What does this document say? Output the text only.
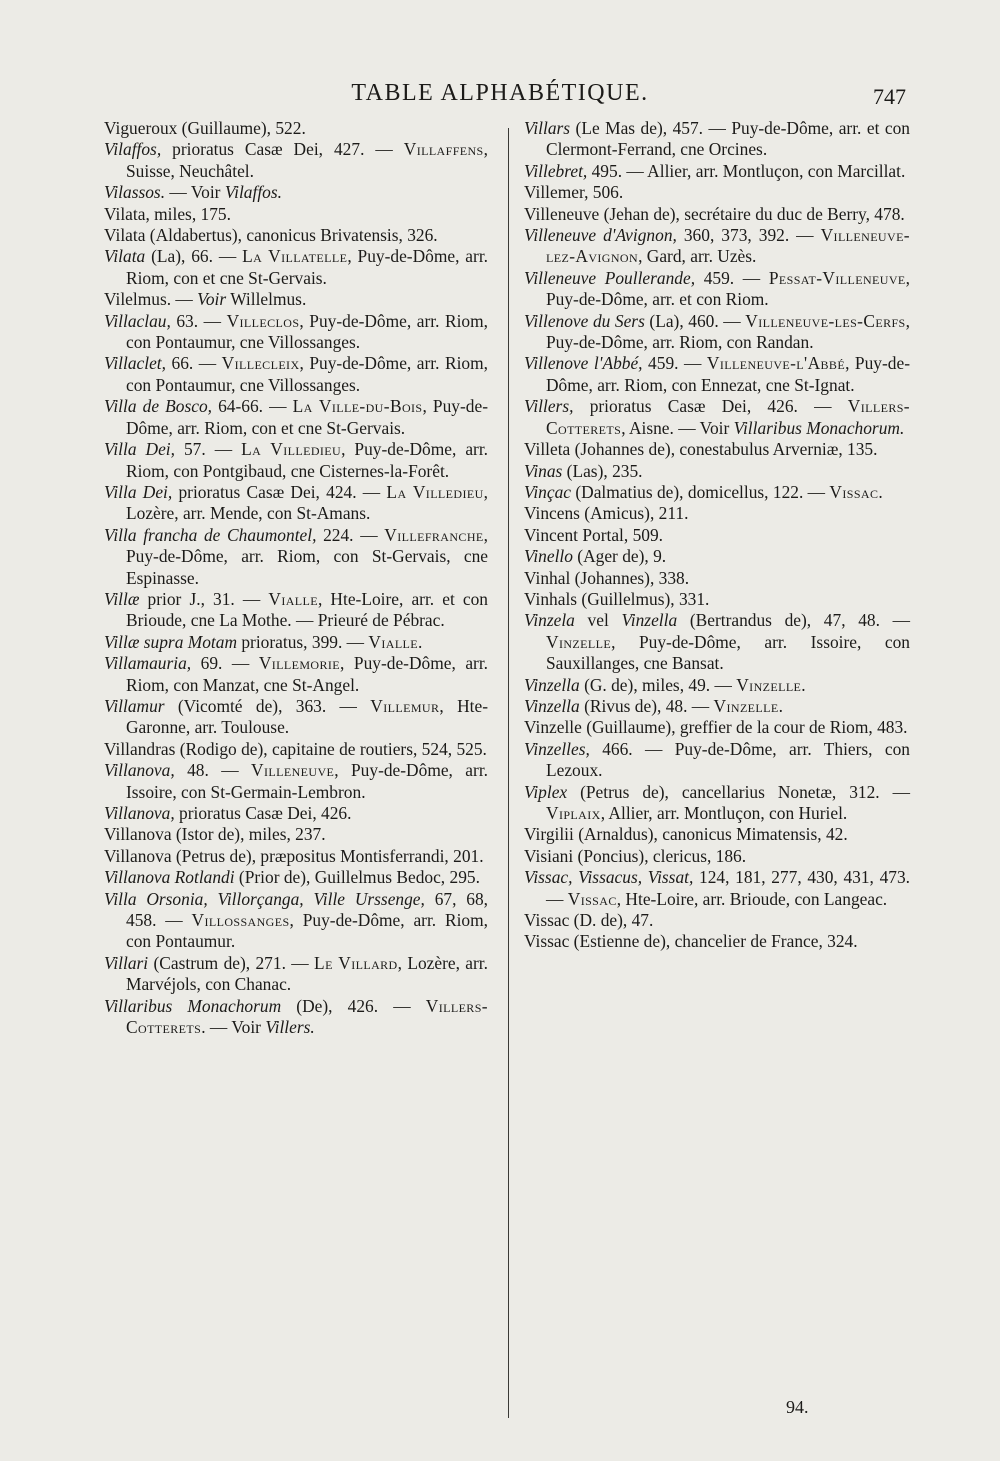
TABLE ALPHABÉTIQUE.	747

Vigueroux (Guillaume), 522.

Vilaffos, prioratus Casæ Dei, 427. — Villaffens, Suisse, Neuchâtel.

Vilassos. — Voir Vilaffos.

Vilata, miles, 175.

Vilata (Aldabertus), canonicus Brivatensis, 326.

Vilata (La), 66. — La Villatelle, Puy-de-Dôme, arr. Riom, con et cne St-Gervais.

Vilelmus. — Voir Willelmus.

Villaclau, 63. — Villeclos, Puy-de-Dôme, arr. Riom, con Pontaumur, cne Villossanges.

Villaclet, 66. — Villecleix, Puy-de-Dôme, arr. Riom, con Pontaumur, cne Villossanges.

Villa de Bosco, 64-66. — La Ville-du-Bois, Puy-de-Dôme, arr. Riom, con et cne St-Gervais.

Villa Dei, 57. — La Villedieu, Puy-de-Dôme, arr. Riom, con Pontgibaud, cne Cisternes-la-Forêt.

Villa Dei, prioratus Casæ Dei, 424. — La Villedieu, Lozère, arr. Mende, con St-Amans.

Villa francha de Chaumontel, 224. — Villefranche, Puy-de-Dôme, arr. Riom, con St-Gervais, cne Espinasse.

Villæ prior J., 31. — Vialle, Hte-Loire, arr. et con Brioude, cne La Mothe. — Prieuré de Pébrac.

Villæ supra Motam prioratus, 399. — Vialle.

Villamauria, 69. — Villemorie, Puy-de-Dôme, arr. Riom, con Manzat, cne St-Angel.

Villamur (Vicomté de), 363. — Villemur, Hte-Garonne, arr. Toulouse.

Villandras (Rodigo de), capitaine de routiers, 524, 525.

Villanova, 48. — Villeneuve, Puy-de-Dôme, arr. Issoire, con St-Germain-Lembron.

Villanova, prioratus Casæ Dei, 426.

Villanova (Istor de), miles, 237.

Villanova (Petrus de), præpositus Montisferrandi, 201.

Villanova Rotlandi (Prior de), Guillelmus Bedoc, 295.

Villa Orsonia, Villorçanga, Ville Urssenge, 67, 68, 458. — Villossanges, Puy-de-Dôme, arr. Riom, con Pontaumur.

Villari (Castrum de), 271. — Le Villard, Lozère, arr. Marvéjols, con Chanac.

Villaribus Monachorum (De), 426. — Villers-Cotterets. — Voir Villers.

Villars (Le Mas de), 457. — Puy-de-Dôme, arr. et con Clermont-Ferrand, cne Orcines.

Villebret, 495. — Allier, arr. Montluçon, con Marcillat.

Villemer, 506.

Villeneuve (Jehan de), secrétaire du duc de Berry, 478.

Villeneuve d'Avignon, 360, 373, 392. — Villeneuve-lez-Avignon, Gard, arr. Uzès.

Villeneuve Poullerande, 459. — Pessat-Villeneuve, Puy-de-Dôme, arr. et con Riom.

Villenove du Sers (La), 460. — Villeneuve-les-Cerfs, Puy-de-Dôme, arr. Riom, con Randan.

Villenove l'Abbé, 459. — Villeneuve-l'Abbé, Puy-de-Dôme, arr. Riom, con Ennezat, cne St-Ignat.

Villers, prioratus Casæ Dei, 426. — Villers-Cotterets, Aisne. — Voir Villaribus Monachorum.

Villeta (Johannes de), conestabulus Arverniæ, 135.

Vinas (Las), 235.

Vinçac (Dalmatius de), domicellus, 122. — Vissac.

Vincens (Amicus), 211.

Vincent Portal, 509.

Vinello (Ager de), 9.

Vinhal (Johannes), 338.

Vinhals (Guillelmus), 331.

Vinzela vel Vinzella (Bertrandus de), 47, 48. — Vinzelle, Puy-de-Dôme, arr. Issoire, con Sauxillanges, cne Bansat.

Vinzella (G. de), miles, 49. — Vinzelle.

Vinzella (Rivus de), 48. — Vinzelle.

Vinzelle (Guillaume), greffier de la cour de Riom, 483.

Vinzelles, 466. — Puy-de-Dôme, arr. Thiers, con Lezoux.

Viplex (Petrus de), cancellarius Nonetæ, 312. — Viplaix, Allier, arr. Montluçon, con Huriel.

Virgilii (Arnaldus), canonicus Mimatensis, 42.

Visiani (Poncius), clericus, 186.

Vissac, Vissacus, Vissat, 124, 181, 277, 430, 431, 473. — Vissac, Hte-Loire, arr. Brioude, con Langeac.

Vissac (D. de), 47.

Vissac (Estienne de), chancelier de France, 324.

94.
